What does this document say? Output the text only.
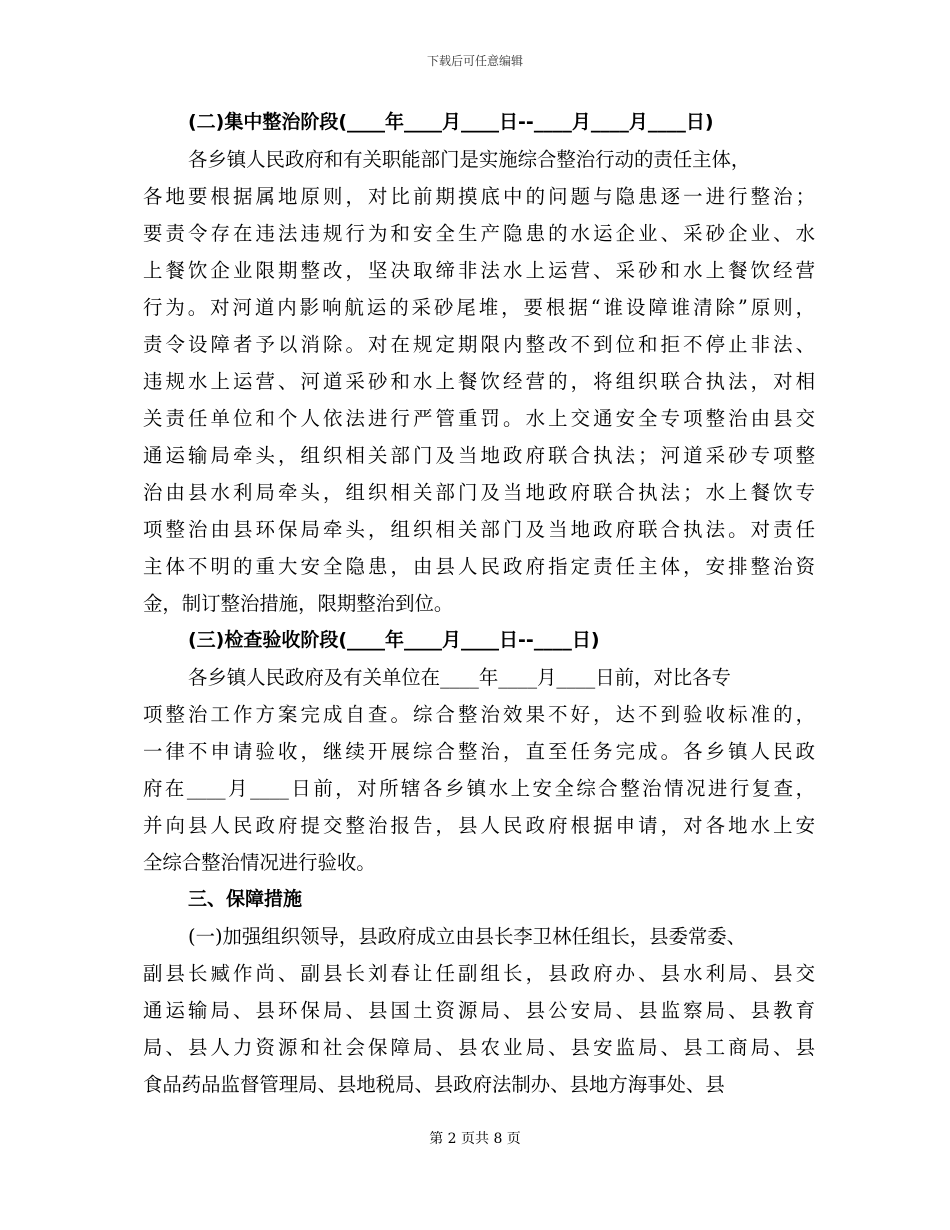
下载后可任意编辑
(二)集中整治阶段(____年____月____日--____月____月____日)
各乡镇人民政府和有关职能部门是实施综合整治行动的责任主体，
各地要根据属地原则，对比前期摸底中的问题与隐患逐一进行整治；
要责令存在违法违规行为和安全生产隐患的水运企业、采砂企业、水
上餐饮企业限期整改，坚决取缔非法水上运营、采砂和水上餐饮经营
行为。对河道内影响航运的采砂尾堆，要根据“谁设障谁清除”原则，
责令设障者予以消除。对在规定期限内整改不到位和拒不停止非法、
违规水上运营、河道采砂和水上餐饮经营的，将组织联合执法，对相
关责任单位和个人依法进行严管重罚。水上交通安全专项整治由县交
通运输局牵头，组织相关部门及当地政府联合执法；河道采砂专项整
治由县水利局牵头，组织相关部门及当地政府联合执法；水上餐饮专
项整治由县环保局牵头，组织相关部门及当地政府联合执法。对责任
主体不明的重大安全隐患，由县人民政府指定责任主体，安排整治资
金，制订整治措施，限期整治到位。
(三)检查验收阶段(____年____月____日--____日)
各乡镇人民政府及有关单位在____年____月____日前，对比各专
项整治工作方案完成自查。综合整治效果不好，达不到验收标准的，
一律不申请验收，继续开展综合整治，直至任务完成。各乡镇人民政
府在____月____日前，对所辖各乡镇水上安全综合整治情况进行复查，
并向县人民政府提交整治报告，县人民政府根据申请，对各地水上安
全综合整治情况进行验收。
三、保障措施
(一)加强组织领导，县政府成立由县长李卫林任组长，县委常委、
副县长臧作尚、副县长刘春让任副组长，县政府办、县水利局、县交
通运输局、县环保局、县国土资源局、县公安局、县监察局、县教育
局、县人力资源和社会保障局、县农业局、县安监局、县工商局、县
食品药品监督管理局、县地税局、县政府法制办、县地方海事处、县
第 2 页共 8 页
